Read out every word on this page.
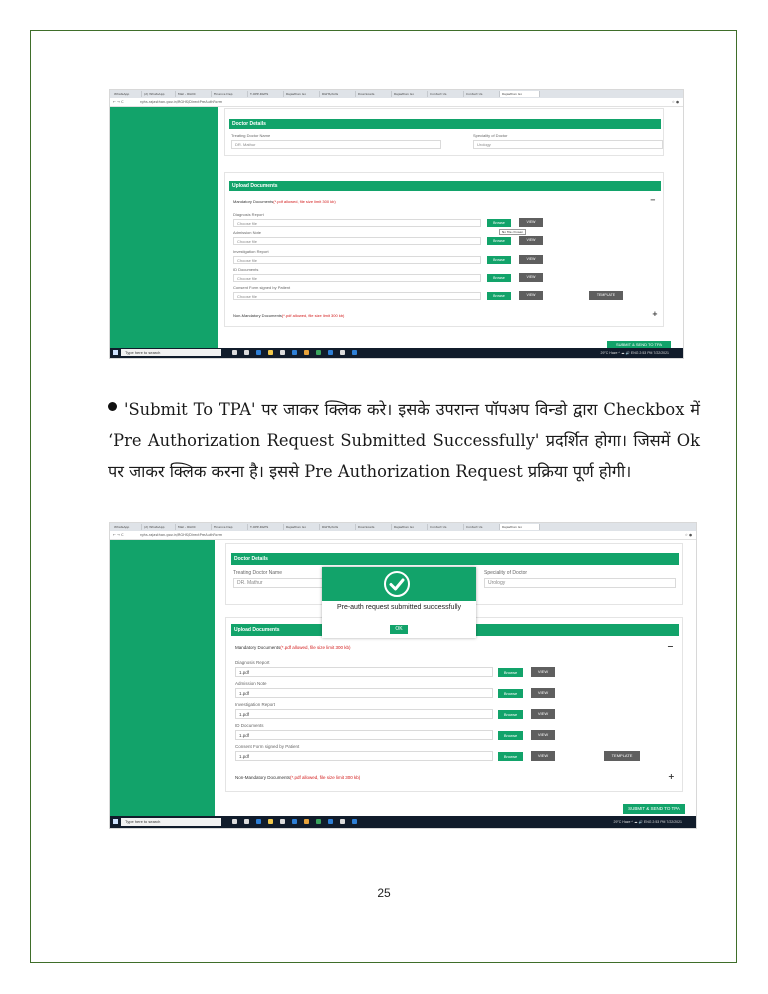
WhatsApp	(2) WhatsApp	Mail - RGDC	Finance Dep	T-OPP-RGHS	Rajasthan Go	RGHS/AUG	Downloads	Rajasthan Go	Contact Us	Contact Us	Rajasthan Go
← → C	rghs.rajasthan.gov.in/RGHS/DirectPreAuthForm	☆ ●
Doctor Details
Treating Doctor Name
DR. Mathur
Speciality of Doctor
Urology
Upload Documents
Mandatory Documents(*.pdf allowed, file size limit 300 kb)	−
Diagnosis Report
Choose file	Browse	VIEW
No file chosen
Admission Note
Choose file	Browse	VIEW
Investigation Report
Choose file	Browse	VIEW
ID Documents
Choose file	Browse	VIEW
Consent Form signed by Patient
Choose file	Browse	VIEW	TEMPLATE
Non-Mandatory Documents(*.pdf allowed, file size limit 300 kb)	+
SUBMIT & SEND TO TPA
Type here to search	29°C Haze ^ ☁ 🔊 ENG 2:53 PM 7/22/2021

'Submit To TPA' पर जाकर क्लिक करे। इसके उपरान्त पॉपअप विन्डो द्वारा Checkbox में ‘Pre Authorization Request Submitted Successfully' प्रदर्शित होगा। जिसमें Ok पर जाकर क्लिक करना है। इससे Pre Authorization Request प्रक्रिया पूर्ण होगी।

WhatsApp	(2) WhatsApp	Mail - RGDC	Finance Dep	T-OPP-RGHS	Rajasthan Go	RGHS/AUG	Downloads	Rajasthan Go	Contact Us	Contact Us	Rajasthan Go
← → C	rghs.rajasthan.gov.in/RGHS/DirectPreAuthForm	☆ ●
Doctor Details
Treating Doctor Name
DR. Mathur
Speciality of Doctor
Urology
Upload Documents
Mandatory Documents(*.pdf allowed, file size limit 300 kb)	−
Diagnosis Report
1.pdf	Browse	VIEW
Admission Note
1.pdf	Browse	VIEW
Investigation Report
1.pdf	Browse	VIEW
ID Documents
1.pdf	Browse	VIEW
Consent Form signed by Patient
1.pdf	Browse	VIEW	TEMPLATE
Non-Mandatory Documents(*.pdf allowed, file size limit 300 kb)	+
SUBMIT & SEND TO TPA
Pre-auth request submitted successfully
OK
Type here to search	29°C Haze ^ ☁ 🔊 ENG 2:53 PM 7/22/2021
25
